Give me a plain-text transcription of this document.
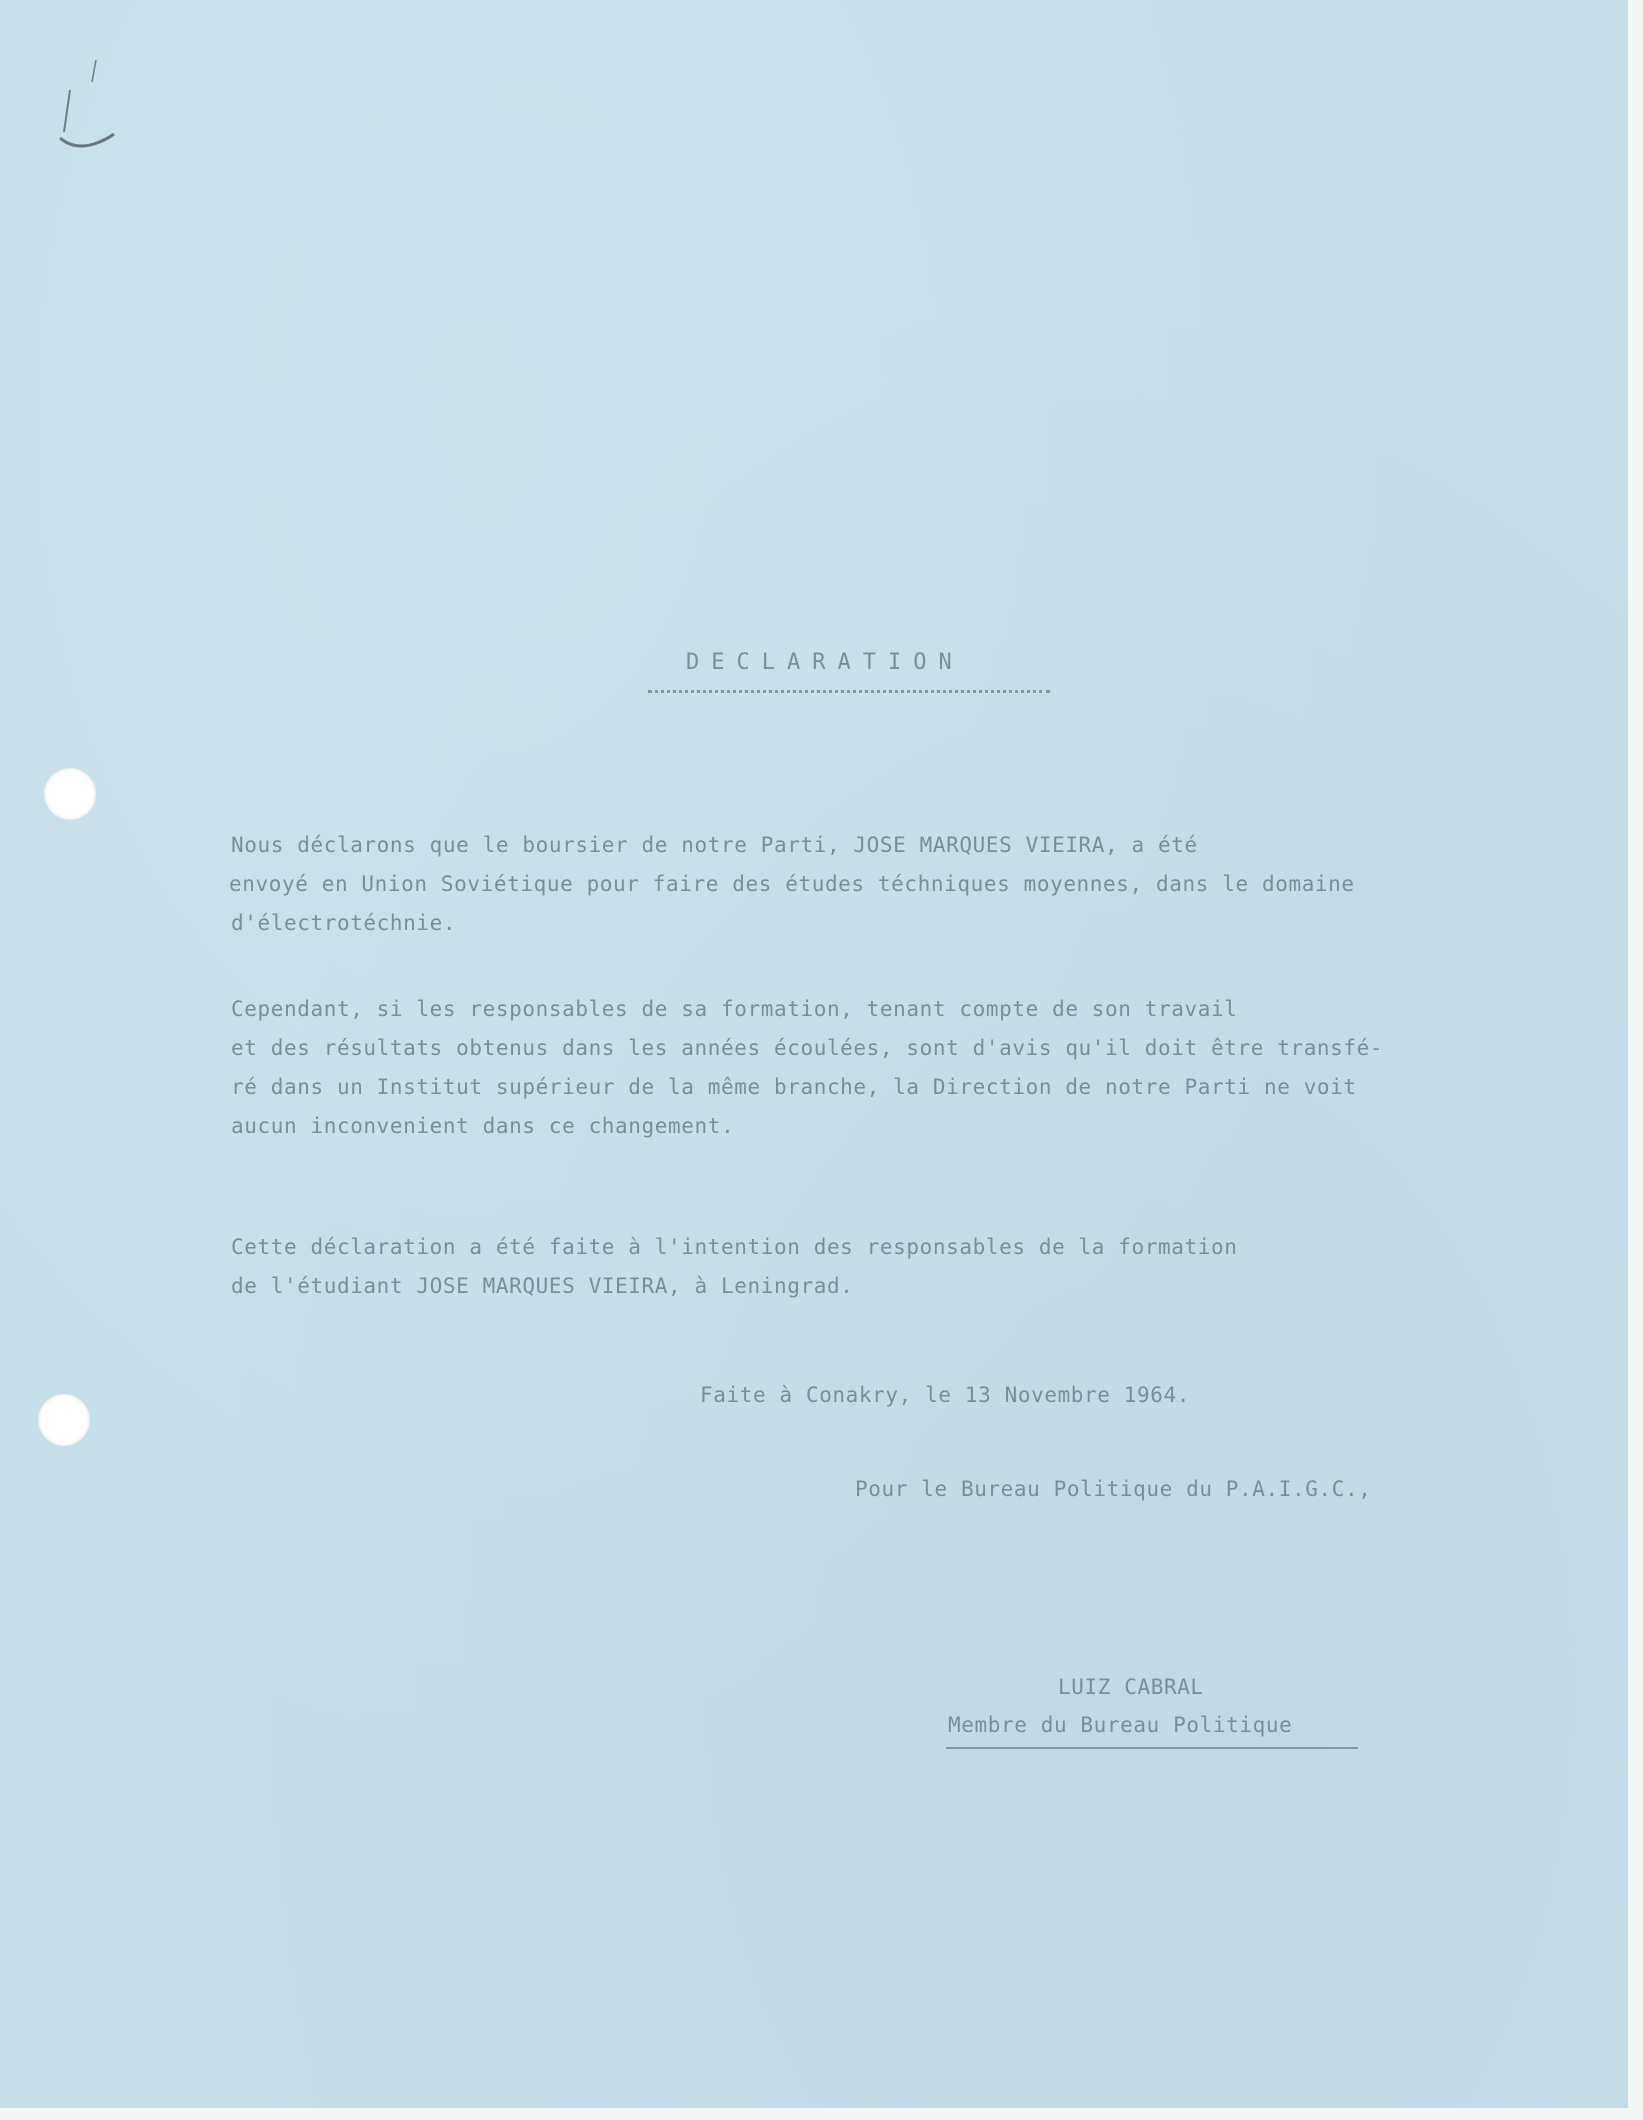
DECLARATION

Nous déclarons que le boursier de notre Parti, JOSE MARQUES VIEIRA, a été
envoyé en Union Soviétique pour faire des études téchniques moyennes, dans le domaine
d'électrotéchnie.

Cependant, si les responsables de sa formation, tenant compte de son travail
et des résultats obtenus dans les années écoulées, sont d'avis qu'il doit être transfé-
ré dans un Institut supérieur de la même branche, la Direction de notre Parti ne voit
aucun inconvenient dans ce changement.

Cette déclaration a été faite à l'intention des responsables de la formation
de l'étudiant JOSE MARQUES VIEIRA, à Leningrad.

Faite à Conakry, le 13 Novembre 1964.

Pour le Bureau Politique du P.A.I.G.C.,

LUIZ CABRAL

Membre du Bureau Politique
